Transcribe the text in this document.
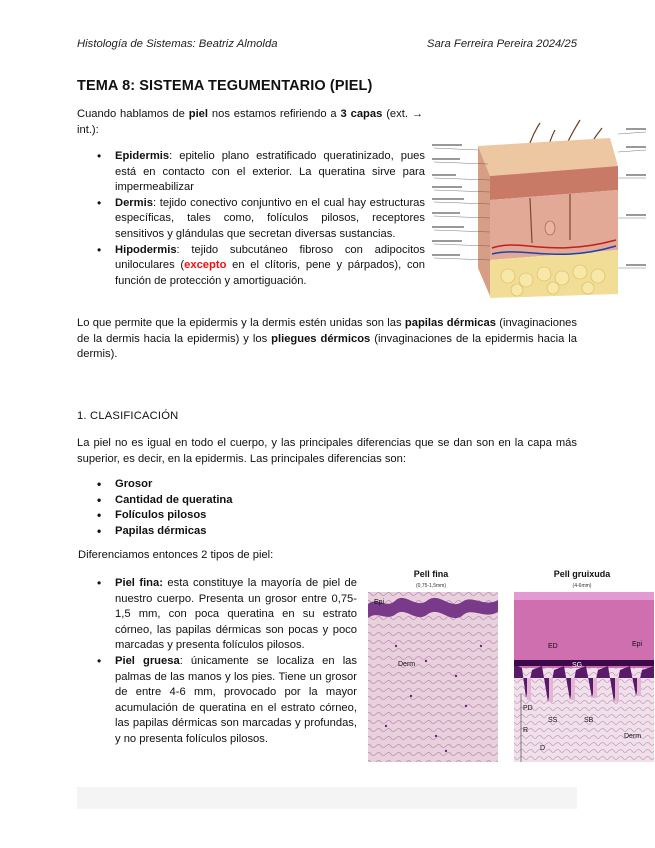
Histología de Sistemas: Beatriz Almolda	Sara Ferreira Pereira 2024/25
TEMA 8: SISTEMA TEGUMENTARIO (PIEL)
Cuando hablamos de piel nos estamos refiriendo a 3 capas (ext. → int.):
• Epidermis: epitelio plano estratificado queratinizado, pues está en contacto con el exterior. La queratina sirve para impermeabilizar
• Dermis: tejido conectivo conjuntivo en el cual hay estructuras específicas, tales como, folículos pilosos, receptores sensitivos y glándulas que secretan diversas sustancias.
• Hipodermis: tejido subcutáneo fibroso con adipocitos uniloculares (excepto en el clítoris, pene y párpados), con función de protección y amortiguación.
Lo que permite que la epidermis y la dermis estén unidas son las papilas dérmicas (invaginaciones de la dermis hacia la epidermis) y los pliegues dérmicos (invaginaciones de la epidermis hacia la dermis).
1. CLASIFICACIÓN
La piel no es igual en todo el cuerpo, y las principales diferencias que se dan son en la capa más superior, es decir, en la epidermis. Las principales diferencias son:
• Grosor
• Cantidad de queratina
• Folículos pilosos
• Papilas dérmicas
Diferenciamos entonces 2 tipos de piel:
• Piel fina: esta constituye la mayoría de piel de nuestro cuerpo. Presenta un grosor entre 0,75-1,5 mm, con poca queratina en su estrato córneo, las papilas dérmicas son pocas y poco marcadas y presenta folículos pilosos.
• Piel gruesa: únicamente se localiza en las palmas de las manos y los pies. Tiene un grosor de entre 4-6 mm, provocado por la mayor acumulación de queratina en el estrato córneo, las papilas dérmicas son marcadas y profundas, y no presenta folículos pilosos.
Pell fina
(0,75-1,5mm)
Pell gruixuda
(4-6mm)
Epi
Derm
ED
SG
Epi
PD
R
SS	SB
D
Derm
